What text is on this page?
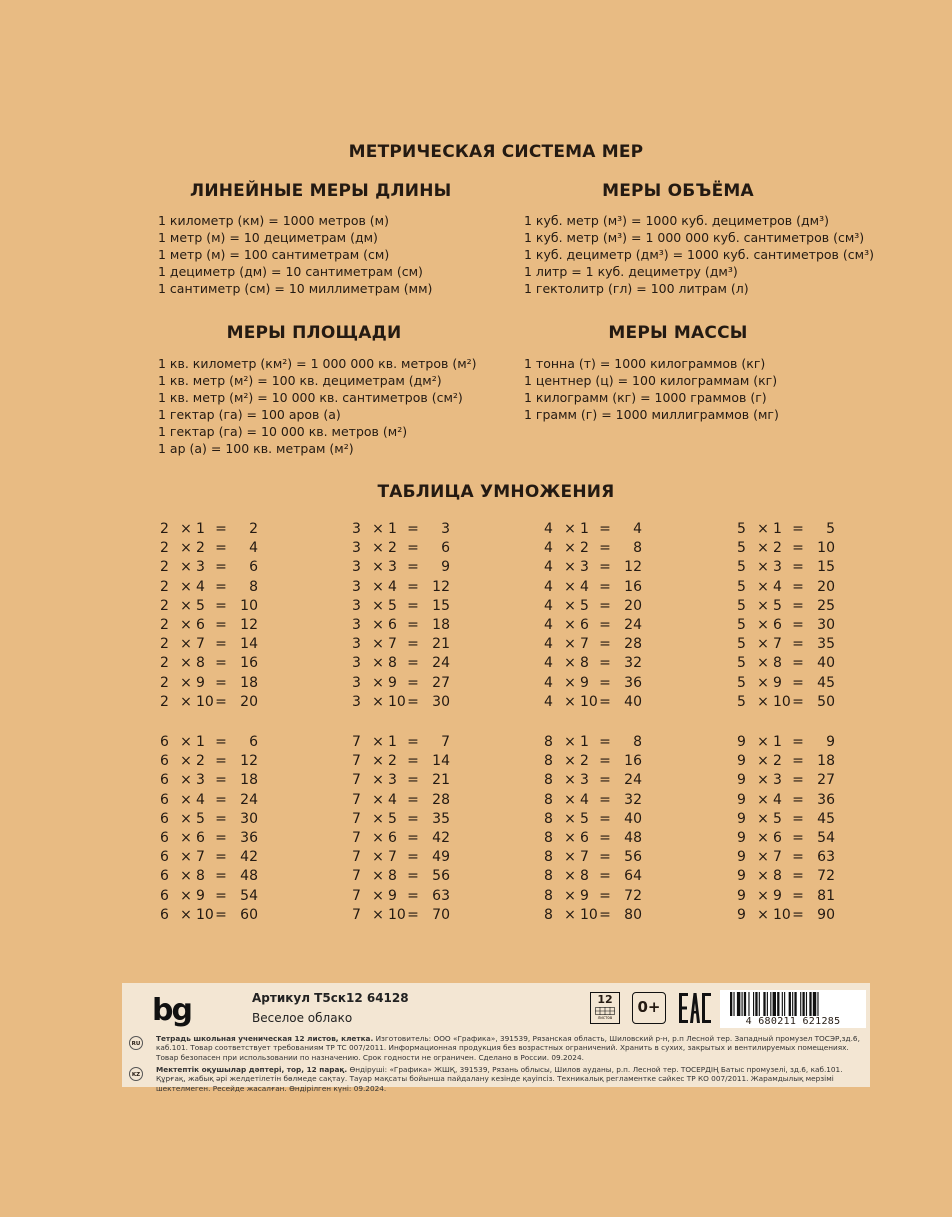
МЕТРИЧЕСКАЯ СИСТЕМА МЕР
ЛИНЕЙНЫЕ МЕРЫ ДЛИНЫ
1 километр (км) = 1000 метров (м)
1 метр (м) = 10 дециметрам (дм)
1 метр (м) = 100 сантиметрам (см)
1 дециметр (дм) = 10 сантиметрам (см)
1 сантиметр (см) = 10 миллиметрам (мм)
МЕРЫ ОБЪЁМА
1 куб. метр (м³) = 1000 куб. дециметров (дм³)
1 куб. метр (м³) = 1 000 000 куб. сантиметров (см³)
1 куб. дециметр (дм³) = 1000 куб. сантиметров (см³)
1 литр = 1 куб. дециметру (дм³)
1 гектолитр (гл) = 100 литрам (л)
МЕРЫ ПЛОЩАДИ
1 кв. километр (км²) = 1 000 000 кв. метров (м²)
1 кв. метр (м²) = 100 кв. дециметрам (дм²)
1 кв. метр (м²) = 10 000 кв. сантиметров (см²)
1 гектар (га) = 100 аров (а)
1 гектар (га) = 10 000 кв. метров (м²)
1 ар (а) = 100 кв. метрам (м²)
МЕРЫ МАССЫ
1 тонна (т) = 1000 килограммов (кг)
1 центнер (ц) = 100 килограммам (кг)
1 килограмм (кг) = 1000 граммов (г)
1 грамм (г) = 1000 миллиграммов (мг)
ТАБЛИЦА УМНОЖЕНИЯ
2 × 1 =	2
2 × 2 =	4
2 × 3 =	6
2 × 4 =	8
2 × 5 = 10
2 × 6 = 12
2 × 7 = 14
2 × 8 = 16
2 × 9 = 18
2 × 10 = 20
3 × 1 =	3
3 × 2 =	6
3 × 3 =	9
3 × 4 = 12
3 × 5 = 15
3 × 6 = 18
3 × 7 = 21
3 × 8 = 24
3 × 9 = 27
3 × 10 = 30
4 × 1 =	4
4 × 2 =	8
4 × 3 = 12
4 × 4 = 16
4 × 5 = 20
4 × 6 = 24
4 × 7 = 28
4 × 8 = 32
4 × 9 = 36
4 × 10 = 40
5 × 1 =	5
5 × 2 = 10
5 × 3 = 15
5 × 4 = 20
5 × 5 = 25
5 × 6 = 30
5 × 7 = 35
5 × 8 = 40
5 × 9 = 45
5 × 10 = 50
6 × 1 =	6
6 × 2 = 12
6 × 3 = 18
6 × 4 = 24
6 × 5 = 30
6 × 6 = 36
6 × 7 = 42
6 × 8 = 48
6 × 9 = 54
6 × 10 = 60
7 × 1 =	7
7 × 2 = 14
7 × 3 = 21
7 × 4 = 28
7 × 5 = 35
7 × 6 = 42
7 × 7 = 49
7 × 8 = 56
7 × 9 = 63
7 × 10 = 70
8 × 1 =	8
8 × 2 = 16
8 × 3 = 24
8 × 4 = 32
8 × 5 = 40
8 × 6 = 48
8 × 7 = 56
8 × 8 = 64
8 × 9 = 72
8 × 10 = 80
9 × 1 =	9
9 × 2 = 18
9 × 3 = 27
9 × 4 = 36
9 × 5 = 45
9 × 6 = 54
9 × 7 = 63
9 × 8 = 72
9 × 9 = 81
9 × 10 = 90
bg	Артикул Т5ск12 64128
Веселое облако
12
листов
0+
4 680211 621285
RU
Тетрадь школьная ученическая 12 листов, клетка. Изготовитель: ООО «Графика», 391539, Рязанская область, Шиловский р-н, р.п Лесной тер. Западный промузел ТОСЭР,зд.6, каб.101. Товар соответствует требованиям ТР ТС 007/2011. Информационная продукция без возрастных ограничений. Хранить в сухих, закрытых и вентилируемых помещениях. Товар безопасен при использовании по назначению. Срок годности не ограничен. Сделано в России. 09.2024.
KZ
Мектептік оқушылар дәптері, тор, 12 парақ. Өндіруші: «Графика» ЖШҚ, 391539, Рязань облысы, Шилов ауданы, р.п. Лесной тер. ТОСЕРДІҢ Батыс промузелі, зд.6, каб.101. Құрғақ, жабық әрі желдетілетін бөлмеде сақтау. Тауар мақсаты бойынша пайдалану кезінде қауіпсіз. Техникалық регламентке сәйкес ТР КО 007/2011. Жарамдылық мерзімі шектелмеген. Ресейде жасалған. Өндірілген күні: 09.2024.
